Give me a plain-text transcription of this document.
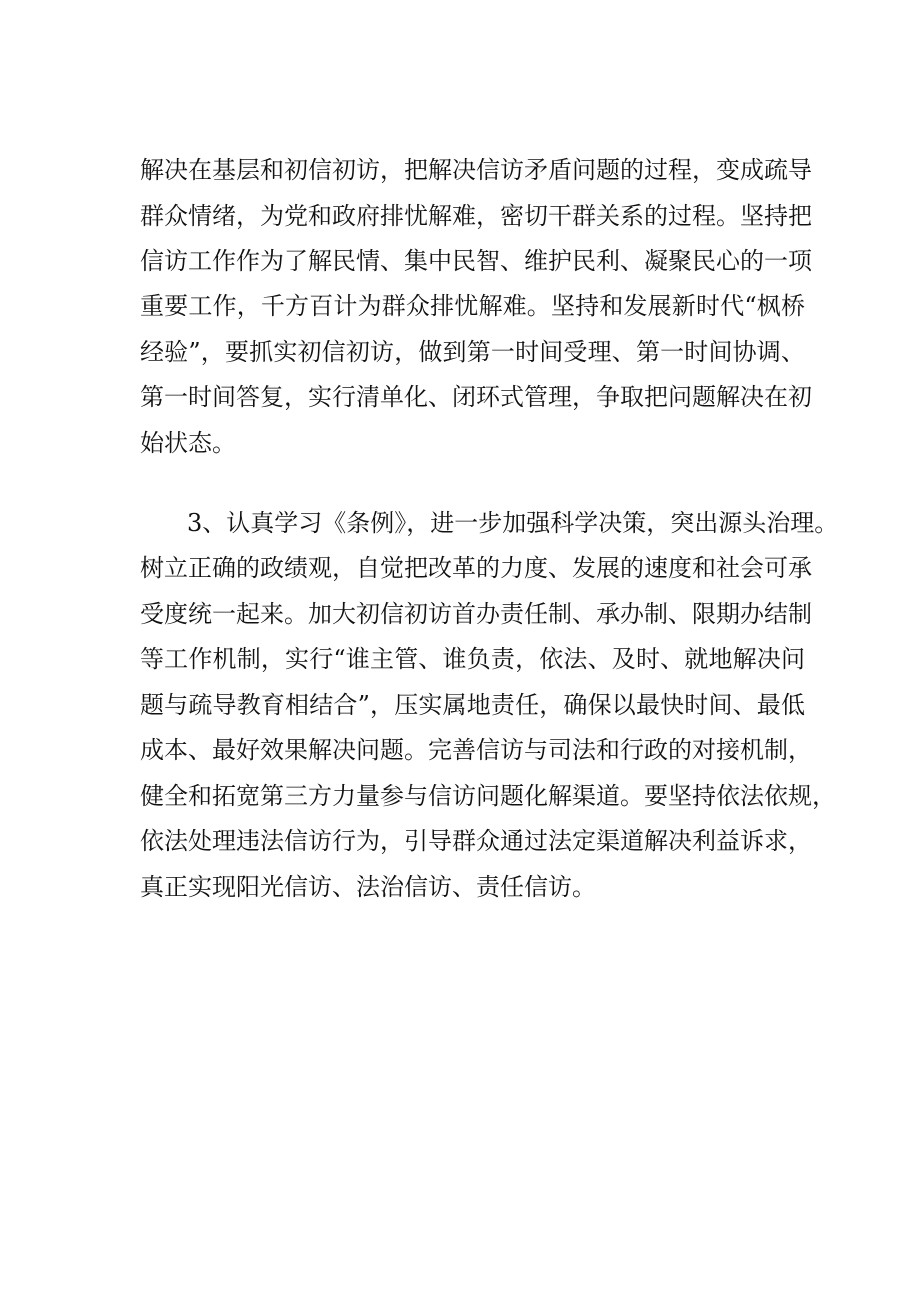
解决在基层和初信初访，把解决信访矛盾问题的过程，变成疏导

群众情绪，为党和政府排忧解难，密切干群关系的过程。坚持把

信访工作作为了解民情、集中民智、维护民利、凝聚民心的一项

重要工作，千方百计为群众排忧解难。坚持和发展新时代“枫桥

经验”，要抓实初信初访，做到第一时间受理、第一时间协调、

第一时间答复，实行清单化、闭环式管理，争取把问题解决在初

始状态。

3、认真学习《条例》，进一步加强科学决策，突出源头治理。

树立正确的政绩观，自觉把改革的力度、发展的速度和社会可承

受度统一起来。加大初信初访首办责任制、承办制、限期办结制

等工作机制，实行“谁主管、谁负责，依法、及时、就地解决问

题与疏导教育相结合”，压实属地责任，确保以最快时间、最低

成本、最好效果解决问题。完善信访与司法和行政的对接机制，

健全和拓宽第三方力量参与信访问题化解渠道。要坚持依法依规，

依法处理违法信访行为，引导群众通过法定渠道解决利益诉求，

真正实现阳光信访、法治信访、责任信访。
